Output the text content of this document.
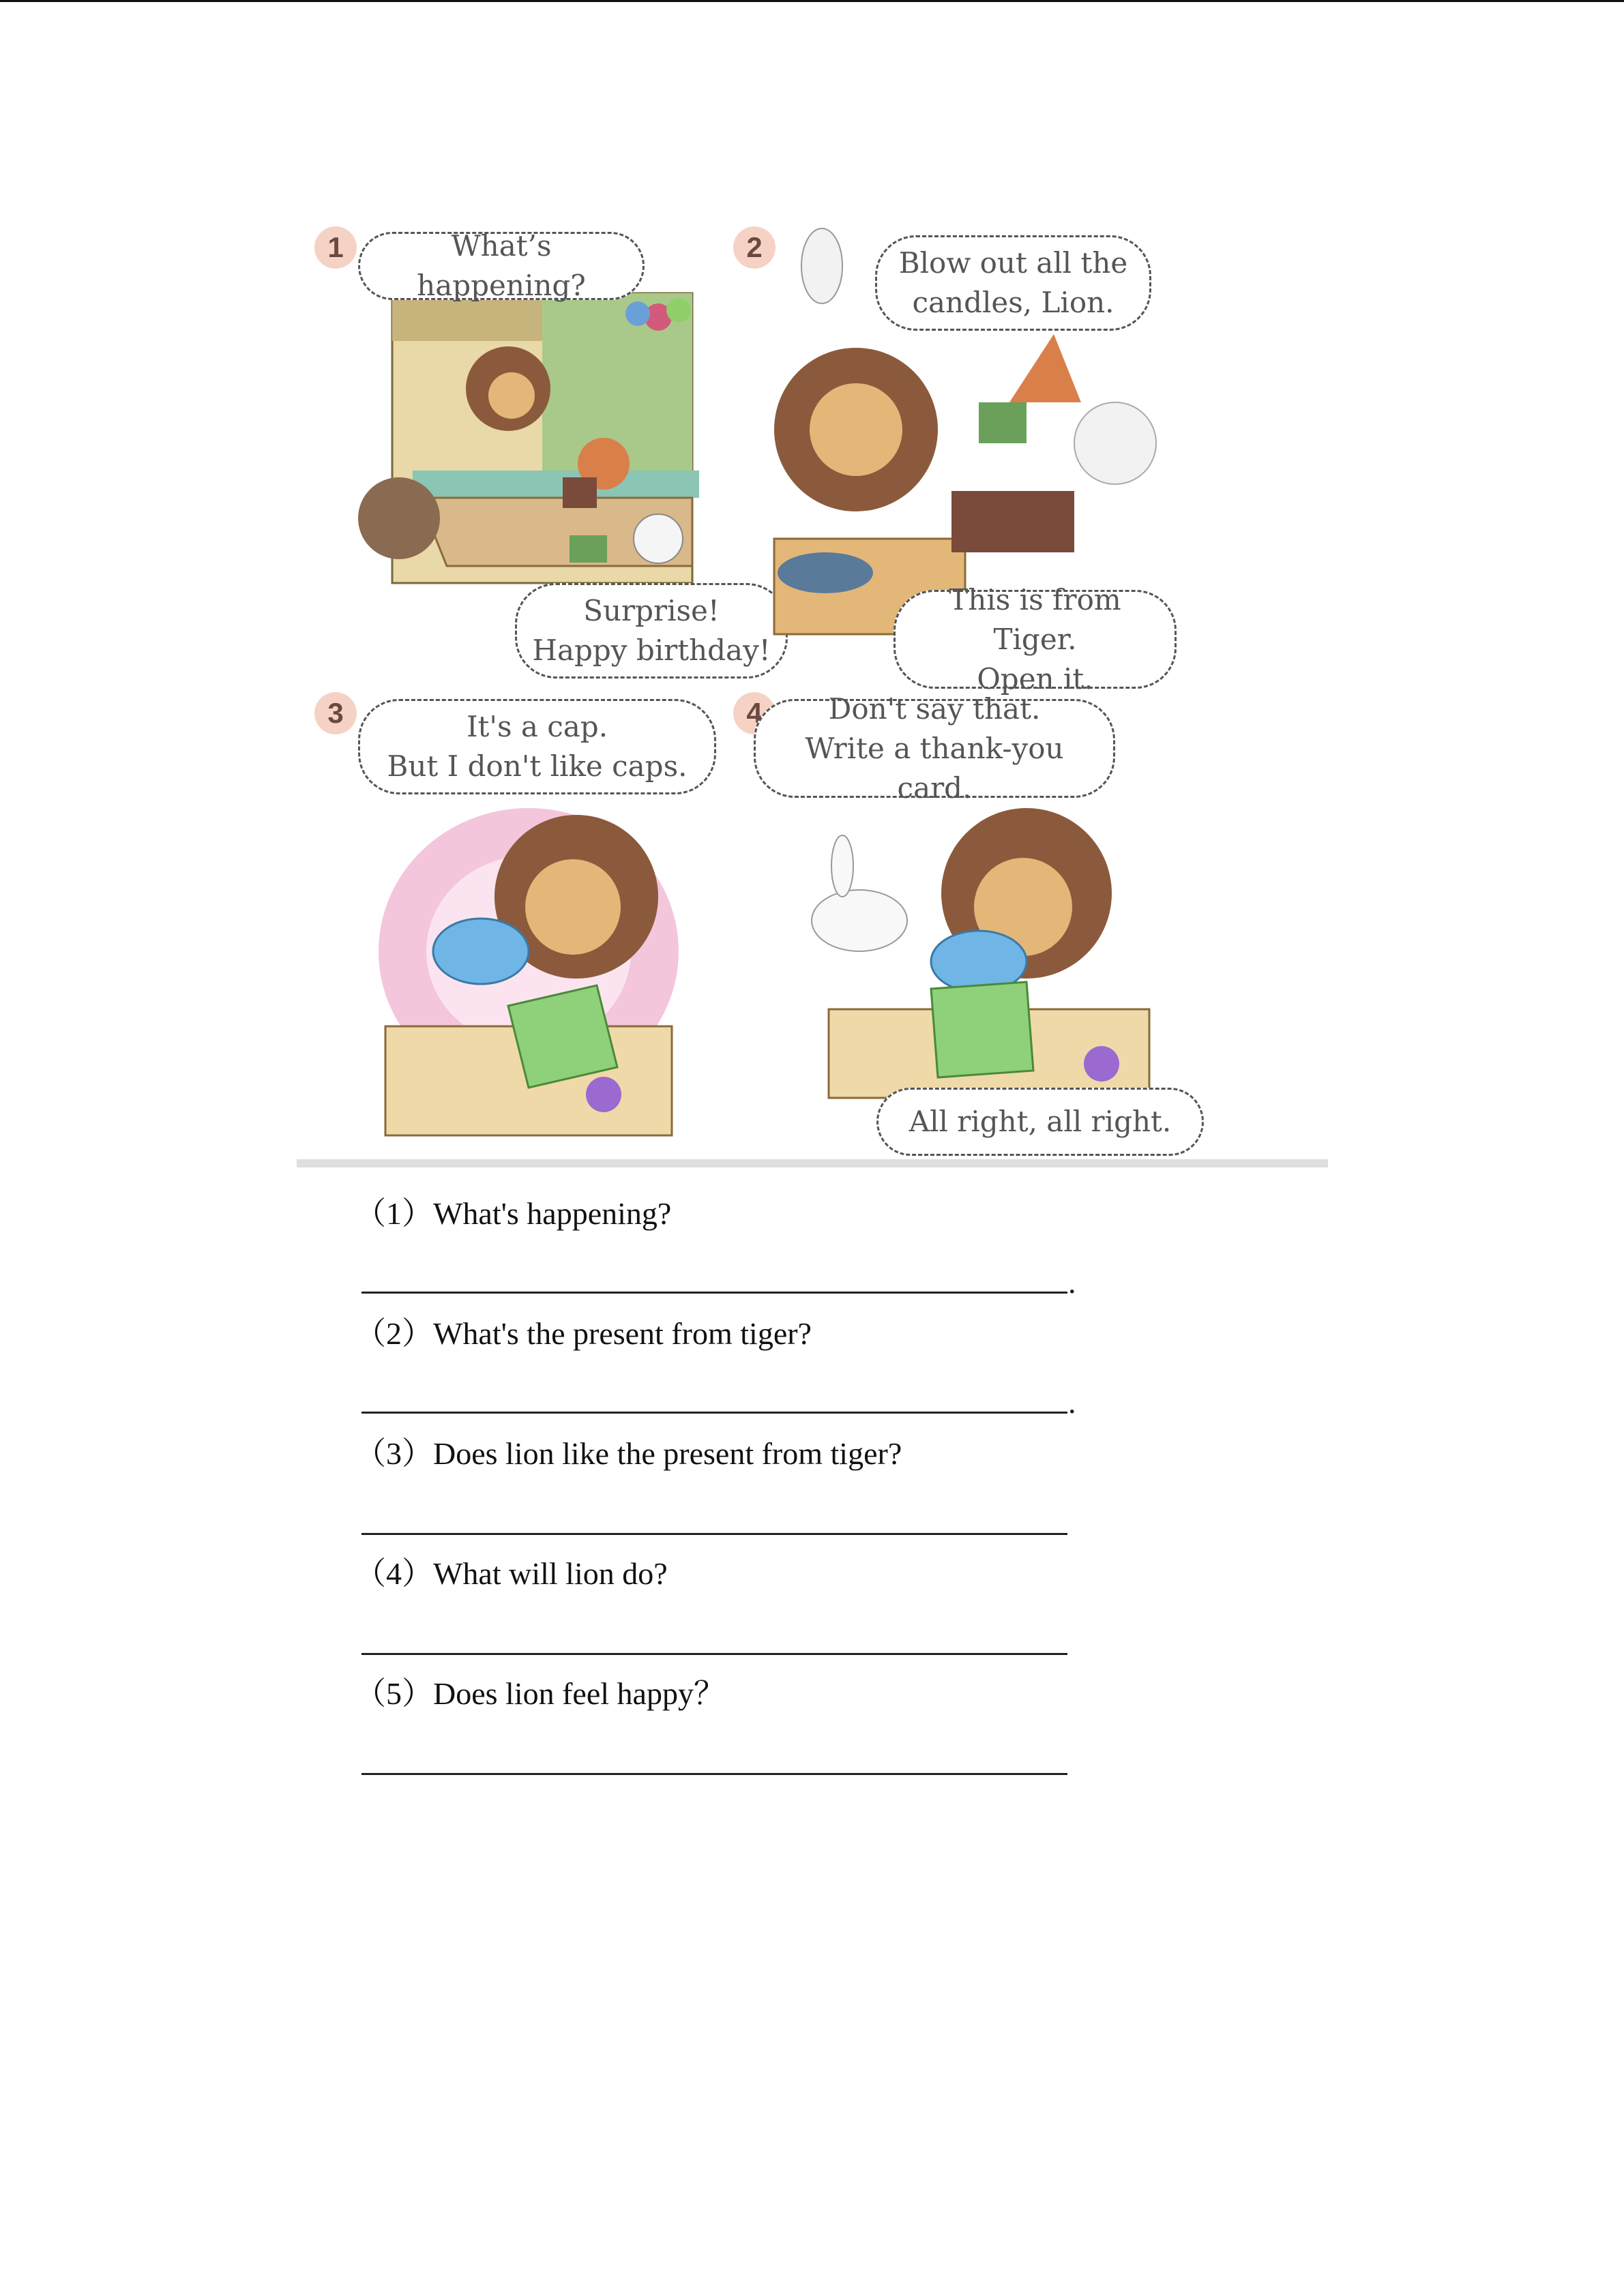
1	What’s happening?
Surprise!
Happy birthday!
2	Blow out all the
candles, Lion.
This is from Tiger.
Open it.
3	It's a cap.
But I don't like caps.
4	Don't say that.
Write a thank-you card.
All right, all right.
（1）What's happening?
.
（2）What's the present from tiger?
.
（3）Does lion like the present from tiger?
（4）What will lion do?
（5）Does lion feel happy？
